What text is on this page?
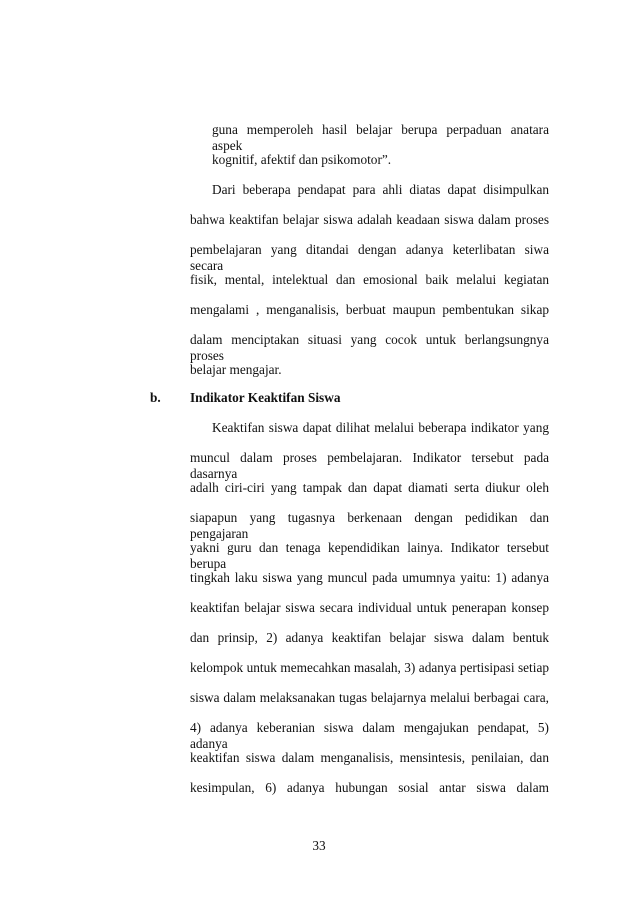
guna memperoleh hasil belajar berupa perpaduan anatara aspek
kognitif, afektif dan psikomotor”.
Dari beberapa pendapat para ahli diatas dapat disimpulkan
bahwa keaktifan belajar siswa adalah keadaan siswa dalam proses
pembelajaran yang ditandai dengan adanya keterlibatan siwa secara
fisik, mental, intelektual dan emosional baik melalui kegiatan
mengalami , menganalisis, berbuat maupun pembentukan sikap
dalam menciptakan situasi yang cocok untuk berlangsungnya proses
belajar mengajar.
b. Indikator Keaktifan Siswa
Keaktifan siswa dapat dilihat melalui beberapa indikator yang
muncul dalam proses pembelajaran. Indikator tersebut pada dasarnya
adalh ciri-ciri yang tampak dan dapat diamati serta diukur oleh
siapapun yang tugasnya berkenaan dengan pedidikan dan pengajaran
yakni guru dan tenaga kependidikan lainya. Indikator tersebut berupa
tingkah laku siswa yang muncul pada umumnya yaitu: 1) adanya
keaktifan belajar siswa secara individual untuk penerapan konsep
dan prinsip, 2) adanya keaktifan belajar siswa dalam bentuk
kelompok untuk memecahkan masalah, 3) adanya pertisipasi setiap
siswa dalam melaksanakan tugas belajarnya melalui berbagai cara,
4) adanya keberanian siswa dalam mengajukan pendapat, 5) adanya
keaktifan siswa dalam menganalisis, mensintesis, penilaian, dan
kesimpulan, 6) adanya hubungan sosial antar siswa dalam
33
